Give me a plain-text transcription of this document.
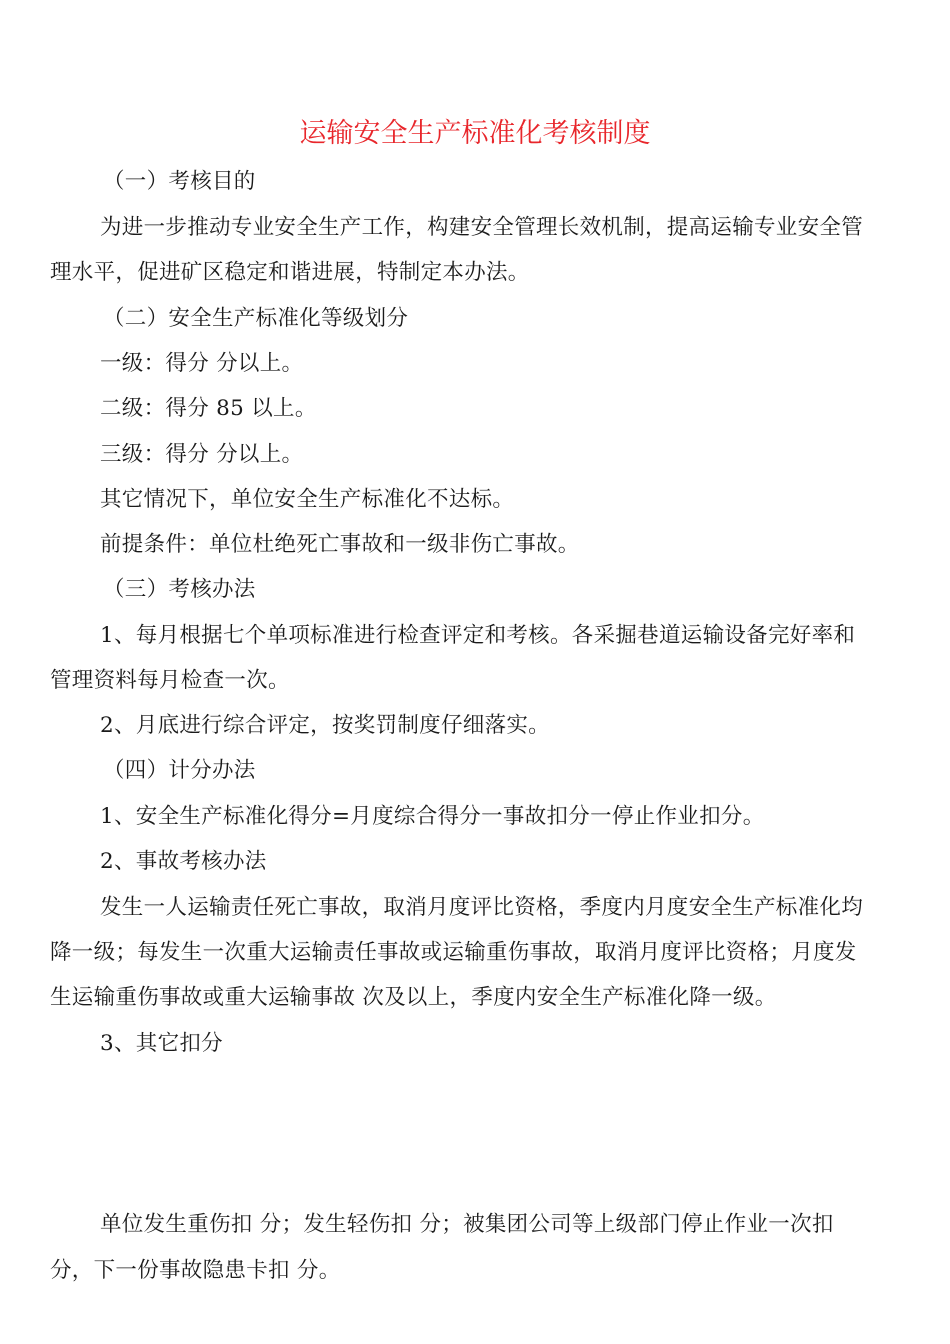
运输安全生产标准化考核制度
（一）考核目的
为进一步推动专业安全生产工作，构建安全管理长效机制，提高运输专业安全管
理水平，促进矿区稳定和谐进展，特制定本办法。
（二）安全生产标准化等级划分
一级：得分 分以上。
二级：得分 85 以上。
三级：得分 分以上。
其它情况下，单位安全生产标准化不达标。
前提条件：单位杜绝死亡事故和一级非伤亡事故。
（三）考核办法
1、每月根据七个单项标准进行检查评定和考核。各采掘巷道运输设备完好率和
管理资料每月检查一次。
2、月底进行综合评定，按奖罚制度仔细落实。
（四）计分办法
1、安全生产标准化得分=月度综合得分一事故扣分一停止作业扣分。
2、事故考核办法
发生一人运输责任死亡事故，取消月度评比资格，季度内月度安全生产标准化均
降一级；每发生一次重大运输责任事故或运输重伤事故，取消月度评比资格；月度发
生运输重伤事故或重大运输事故 次及以上，季度内安全生产标准化降一级。
3、其它扣分
单位发生重伤扣 分；发生轻伤扣 分；被集团公司等上级部门停止作业一次扣
分，下一份事故隐患卡扣 分。
